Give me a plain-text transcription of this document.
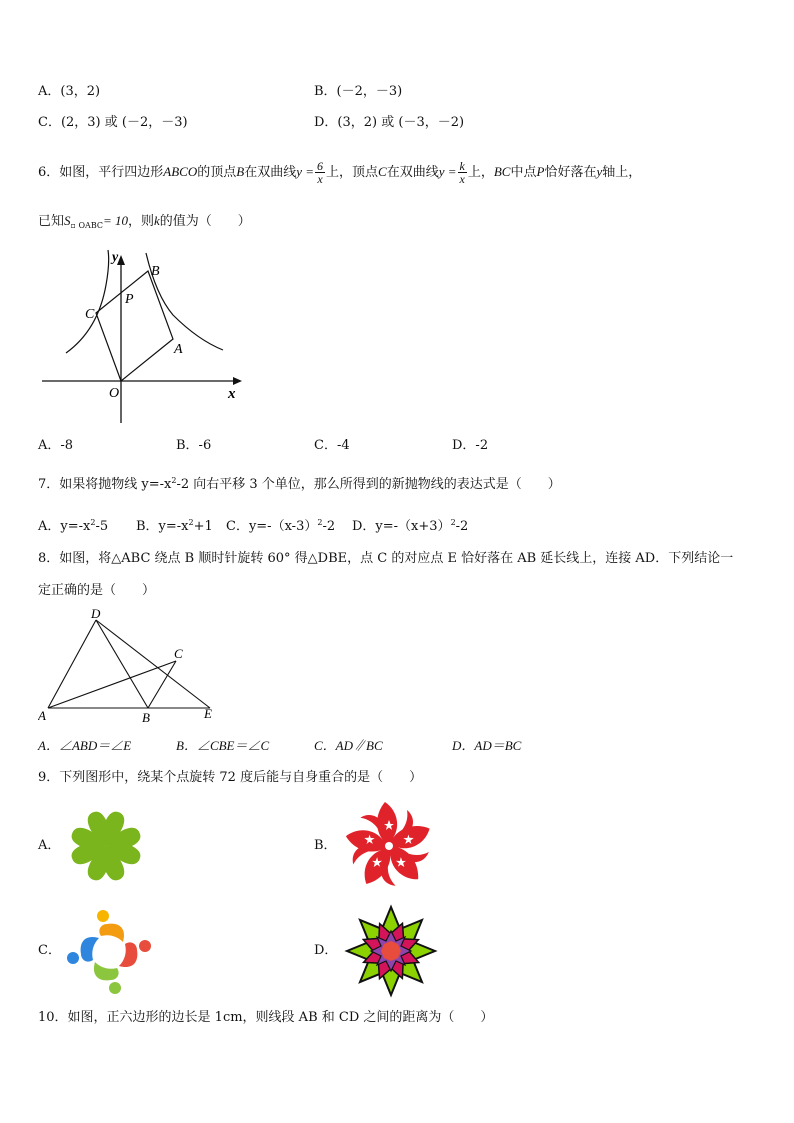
A．(3，2)	B．(－2，－3)
C．(2，3) 或 (－2，－3)	D．(3，2) 或 (－3，－2)
6．如图，平行四边形ABCO的顶点B在双曲线$y = \frac{6}{x}$ 上，顶点C在双曲线$y = \frac{k}{x}$ 上，BC中点P恰好落在y轴上，
已知$S_{▫ OABC}= 10$，则k的值为（　　）
y
x
B
C
P
A
O
A．-8	B．-6	C．-4	D．-2
7．如果将抛物线 $y=-x^2-2$ 向右平移 3 个单位，那么所得到的新抛物线的表达式是（　　）
A．$y=-x^2-5$ B．$y=-x^2+1$ C．$y=-(x-3)^2-2$ D．$y=-(x+3)^2-2$
8．如图，将△ABC 绕点 B 顺时针旋转 60° 得△DBE，点 C 的对应点 E 恰好落在 AB 延长线上，连接 AD．下列结论一
定正确的是（　　）
D
C
A	B	E
A．∠ABD＝∠E	B．∠CBE＝∠C	C．AD∥BC	D．AD＝BC
9．下列图形中，绕某个点旋转 72 度后能与自身重合的是（　　）
A．	B．
C．	D．
10．如图，正六边形的边长是 1cm，则线段 AB 和 CD 之间的距离为（　　）
